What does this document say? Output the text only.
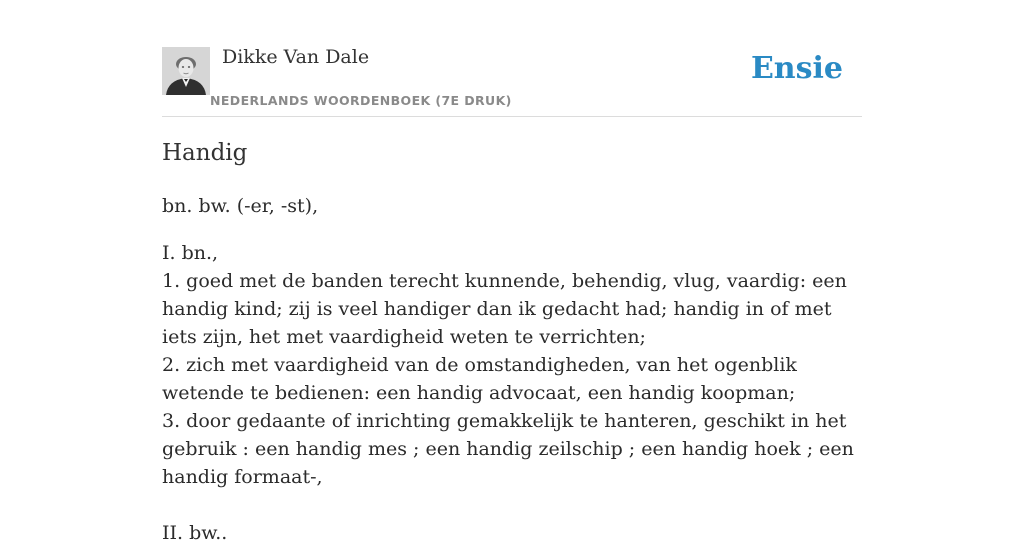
Dikke Van Dale
NEDERLANDS WOORDENBOEK (7E DRUK)
Ensie
Handig

bn. bw. (-er, -st),

I. bn.,

1. goed met de banden terecht kunnende, behendig, vlug, vaardig: een handig kind; zij is veel handiger dan ik gedacht had; handig in of met iets zijn, het met vaardigheid weten te verrichten;

2. zich met vaardigheid van de omstandigheden, van het ogenblik wetende te bedienen: een handig advocaat, een handig koopman;

3. door gedaante of inrichting gemakkelijk te hanteren, geschikt in het gebruik : een handig mes ; een handig zeilschip ; een handig hoek ; een handig formaat-,

II. bw..
